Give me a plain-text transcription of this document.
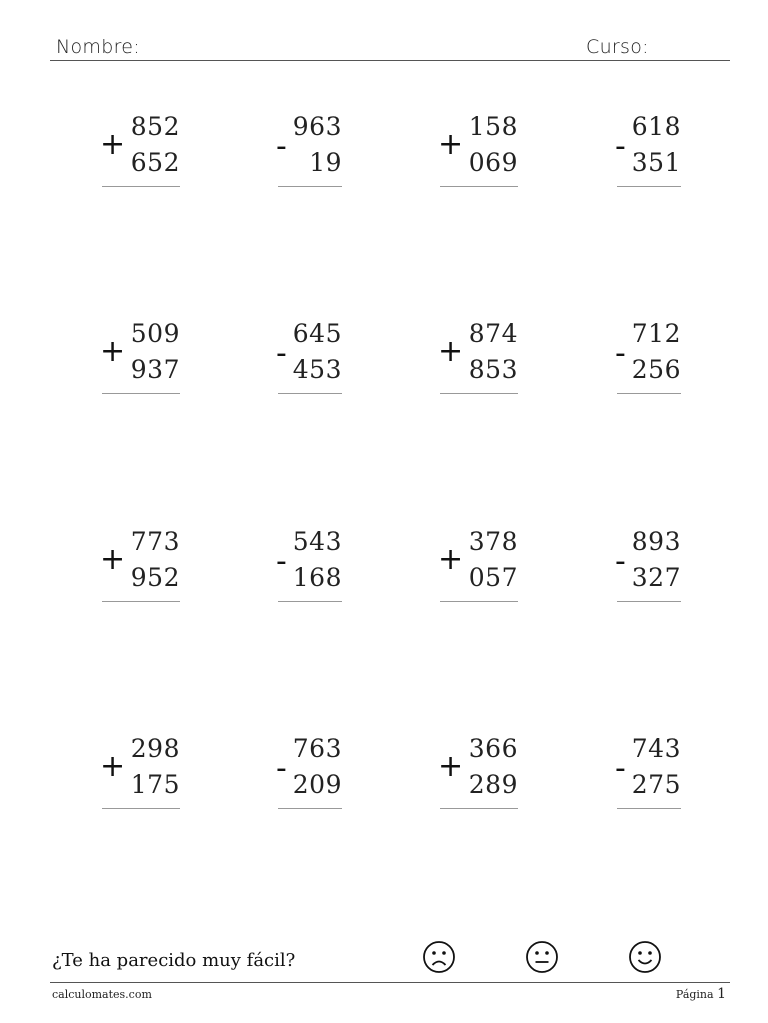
Nombre:	Curso:
+
852
652	-
963
19
+
158
069	-
618
351
+
509
937	-
645
453
+
874
853	-
712
256
+
773
952	-
543
168
+
378
057	-
893
327
+
298
175	-
763
209
+
366
289	-
743
275
¿Te ha parecido muy fácil?
calculomates.com	Página 1
